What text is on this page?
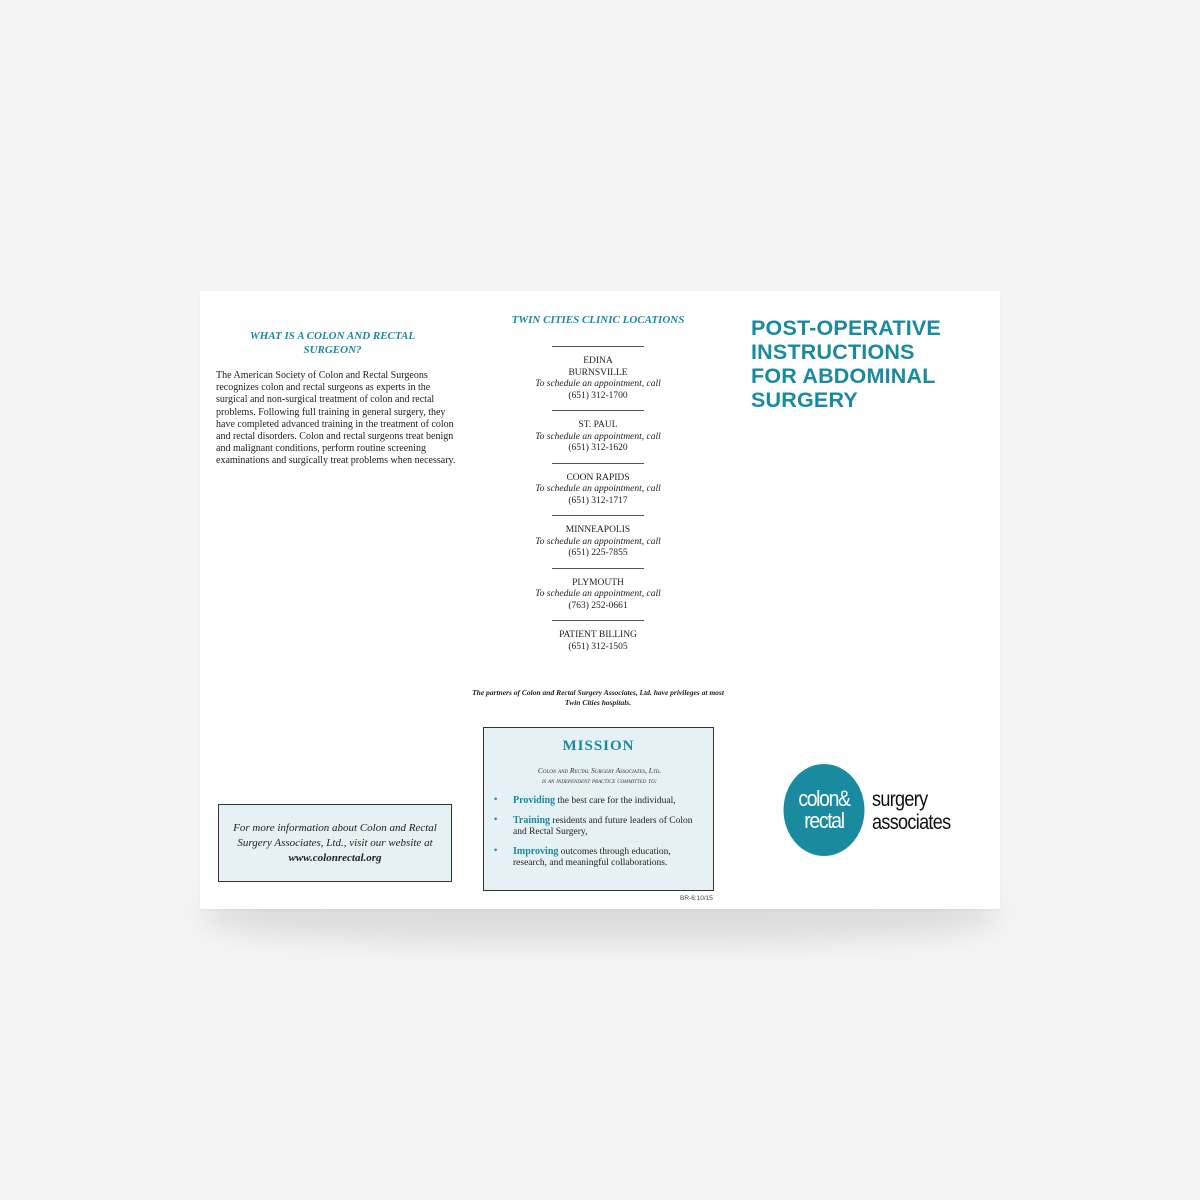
WHAT IS A COLON AND RECTAL SURGEON?
The American Society of Colon and Rectal Surgeons recognizes colon and rectal surgeons as experts in the surgical and non-surgical treatment of colon and rectal problems. Following full training in general surgery, they have completed advanced training in the treatment of colon and rectal disorders. Colon and rectal surgeons treat benign and malignant conditions, perform routine screening examinations and surgically treat problems when necessary.
For more information about Colon and Rectal Surgery Associates, Ltd., visit our website at www.colonrectal.org
TWIN CITIES CLINIC LOCATIONS
EDINA
BURNSVILLE
To schedule an appointment, call
(651) 312-1700
ST. PAUL
To schedule an appointment, call
(651) 312-1620
COON RAPIDS
To schedule an appointment, call
(651) 312-1717
MINNEAPOLIS
To schedule an appointment, call
(651) 225-7855
PLYMOUTH
To schedule an appointment, call
(763) 252-0661
PATIENT BILLING
(651) 312-1505
The partners of Colon and Rectal Surgery Associates, Ltd. have privileges at most Twin Cities hospitals.
MISSION
Colon and Rectal Surgery Associates, Ltd.
is an independent practice committed to:
• Providing the best care for the individual,
• Training residents and future leaders of Colon and Rectal Surgery,
• Improving outcomes through education, research, and meaningful collaborations.
BR-6:10/15
POST-OPERATIVE
INSTRUCTIONS
FOR ABDOMINAL
SURGERY
colon&
rectal
surgery
associates
